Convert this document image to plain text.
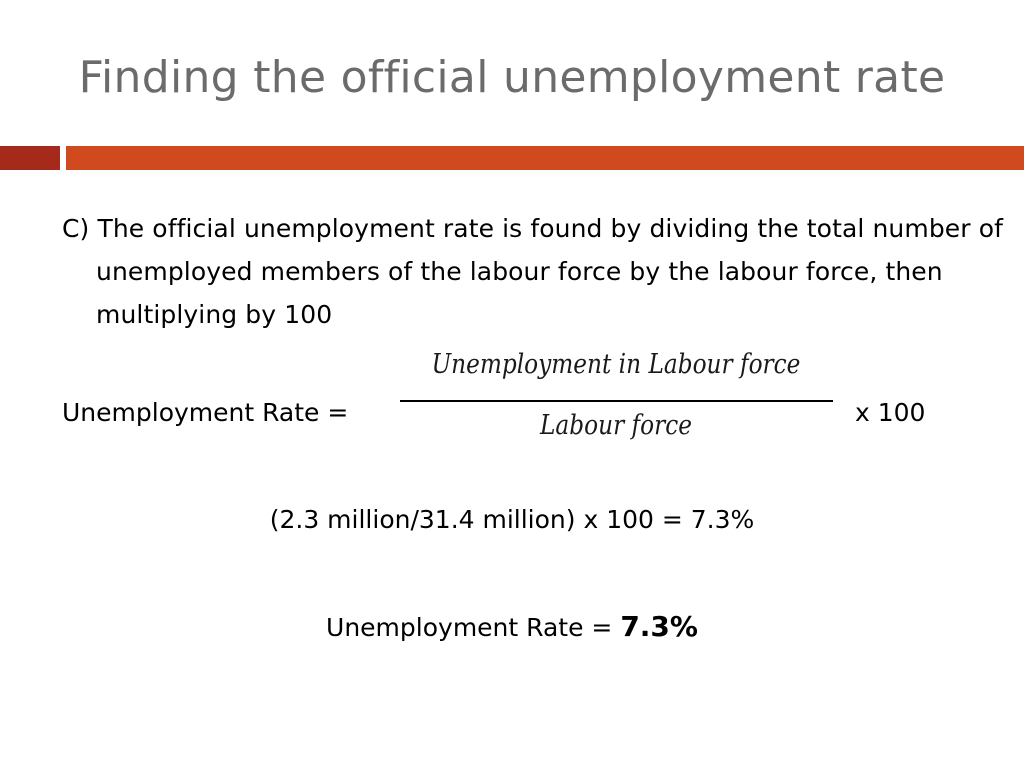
Finding the official unemployment rate

C) The official unemployment rate is found by dividing the total number of unemployed members of the labour force by the labour force, then multiplying by 100

Unemployment Rate =
Unemployment in Labour force
Labour force	x 100
(2.3 million/31.4 million) x 100 = 7.3%
Unemployment Rate = 7.3%
